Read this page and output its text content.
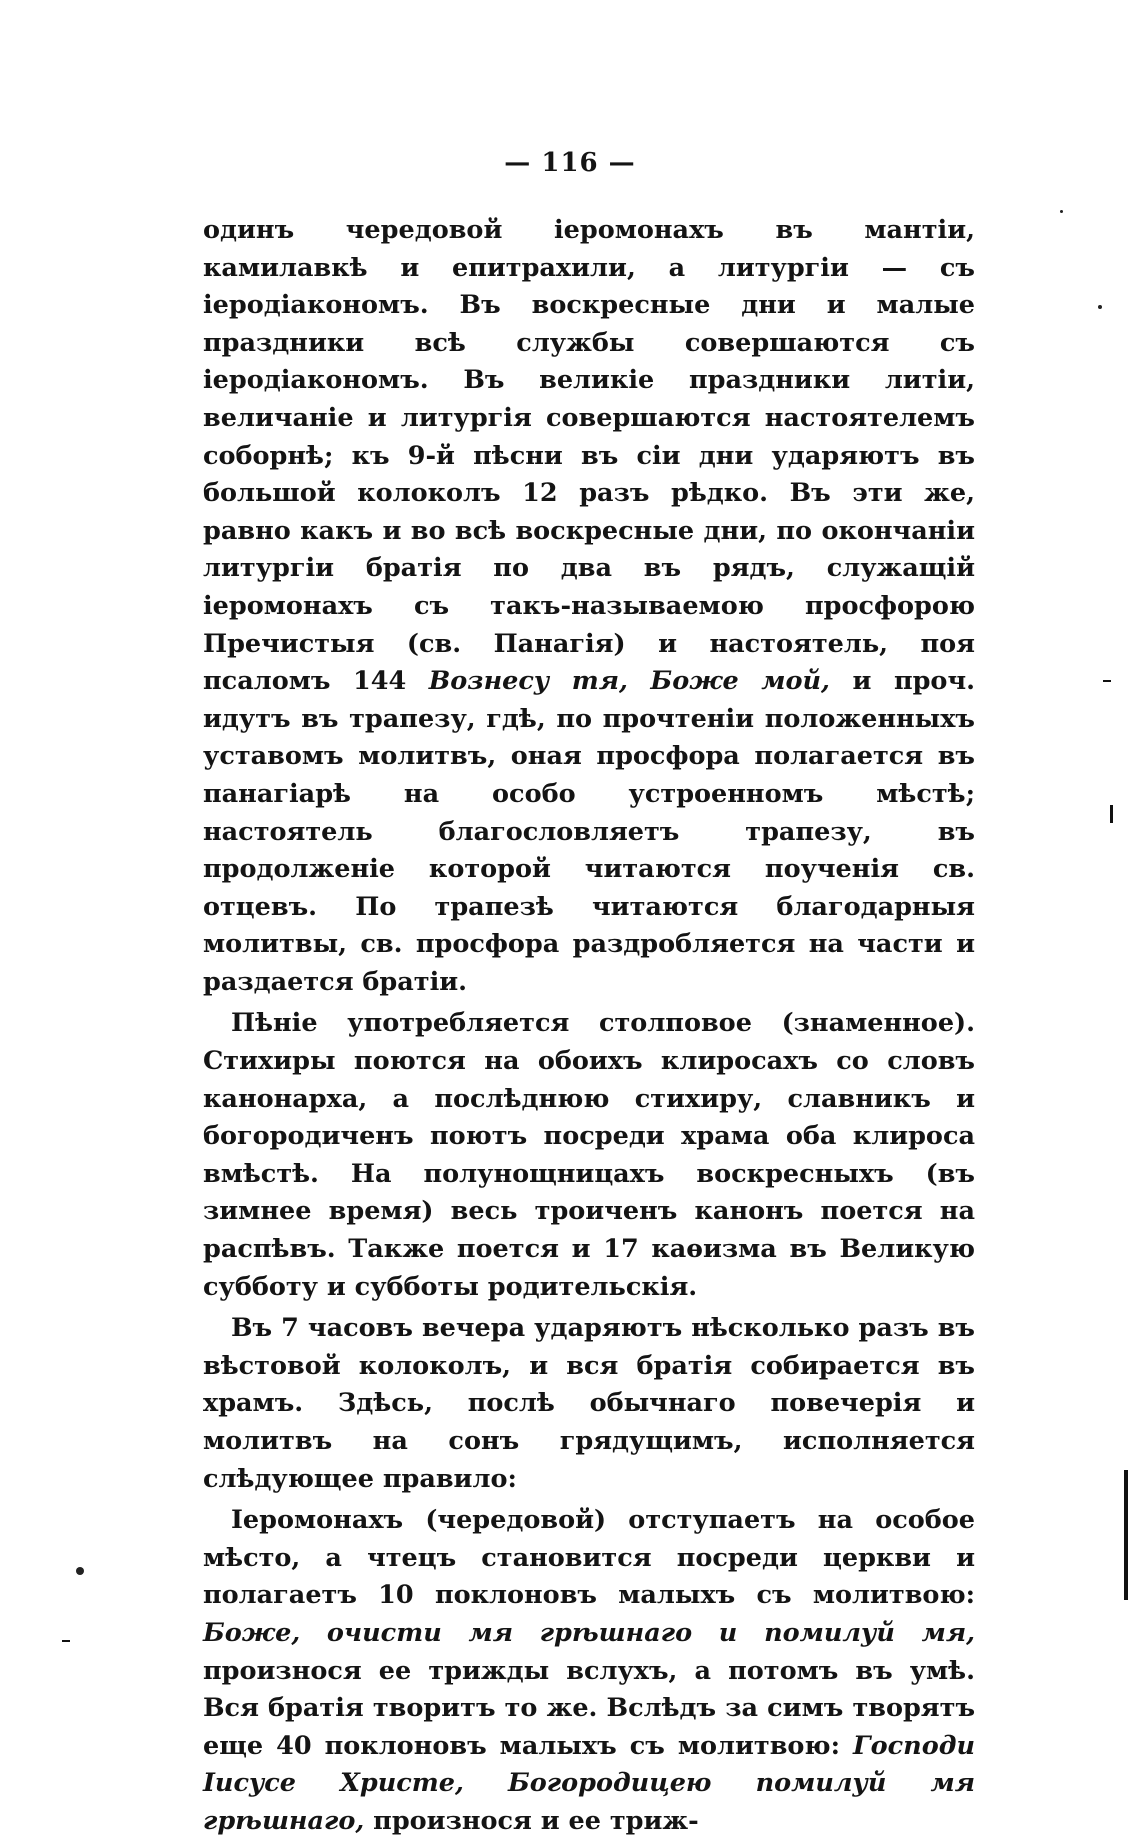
— 116 —

одинъ чередовой іеромонахъ въ мантіи, камилавкѣ и епитрахили, а литургіи — съ іеродіакономъ. Въ воскресные дни и малые праздники всѣ службы совершаются съ іеродіакономъ. Въ великіе праздники литіи, величаніе и литургія совершаются настоятелемъ соборнѣ; къ 9-й пѣсни въ сіи дни ударяютъ въ большой колоколъ 12 разъ рѣдко. Въ эти же, равно какъ и во всѣ воскресные дни, по окончаніи литургіи братія по два въ рядъ, служащій іеромонахъ съ такъ-называемою просфорою Пречистыя (св. Панагія) и настоятель, поя псаломъ 144 Вознесу тя, Боже мой, и проч. идутъ въ трапезу, гдѣ, по прочтеніи положенныхъ уставомъ молитвъ, оная просфора полагается въ панагіарѣ на особо устроенномъ мѣстѣ; настоятель благословляетъ трапезу, въ продолженіе которой читаются поученія св. отцевъ. По трапезѣ читаются благодарныя молитвы, св. просфора раздробляется на части и раздается братіи.

Пѣніе употребляется столповое (знаменное). Стихиры поются на обоихъ клиросахъ со словъ канонарха, а послѣднюю стихиру, славникъ и богородиченъ поютъ посреди храма оба клироса вмѣстѣ. На полунощницахъ воскресныхъ (въ зимнее время) весь троиченъ канонъ поется на распѣвъ. Также поется и 17 каѳизма въ Великую субботу и субботы родительскія.

Въ 7 часовъ вечера ударяютъ нѣсколько разъ въ вѣстовой колоколъ, и вся братія собирается въ храмъ. Здѣсь, послѣ обычнаго повечерія и молитвъ на сонъ грядущимъ, исполняется слѣдующее правило:

Іеромонахъ (чередовой) отступаетъ на особое мѣсто, а чтецъ становится посреди церкви и полагаетъ 10 поклоновъ малыхъ съ молитвою: Боже, очисти мя грѣшнаго и помилуй мя, произнося ее трижды вслухъ, а потомъ въ умѣ. Вся братія творитъ то же. Вслѣдъ за симъ творятъ еще 40 поклоновъ малыхъ съ молитвою: Господи Іисусе Христе, Богородицею помилуй мя грѣшнаго, произнося и ее триж-
